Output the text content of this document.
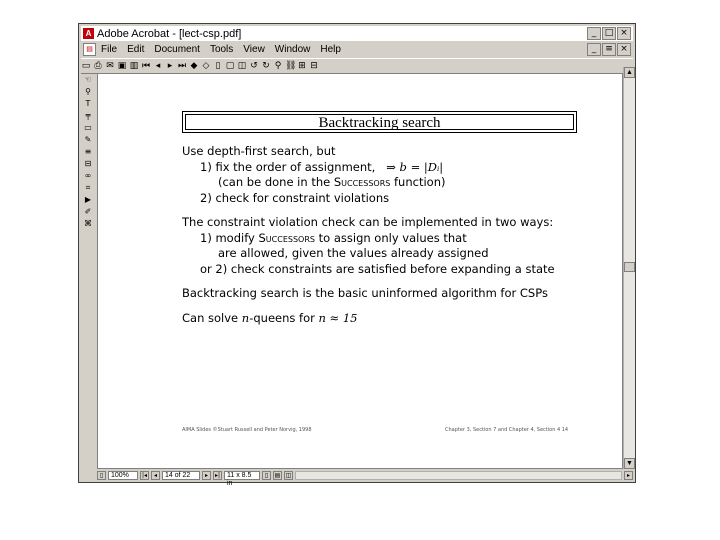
A Adobe Acrobat - [lect-csp.pdf]	_ □ ×
▤ File Edit Document Tools View Window Help	_ ≡ ×
▭ ⎙ ✉ ▣ ▥ ⏮ ◂ ▸ ⏭ ◆ ◇ ▯ ▢ ◫ ↺ ↻ ⚲ ⛓ ⊞ ⊟
☜
⚲
T
╤
▭
✎
≡
⊟
∞
⌗
▶
✐
⌘
Backtracking search

Use depth-first search, but

1) fix the order of assignment, ⇒ b = |Dᵢ|

(can be done in the Successors function)

2) check for constraint violations

The constraint violation check can be implemented in two ways:

1) modify Successors to assign only values that

are allowed, given the values already assigned

or 2) check constraints are satisfied before expanding a state

Backtracking search is the basic uninformed algorithm for CSPs

Can solve n-queens for n ≈ 15

AIMA Slides ©Stuart Russell and Peter Norvig, 1998	Chapter 3, Section 7 and Chapter 4, Section 4 14
▲
▼
▯	100%	|◂	◂	14 of 22	▸	▸| 11 x 8.5 in
▯	▤ ◫	▸
